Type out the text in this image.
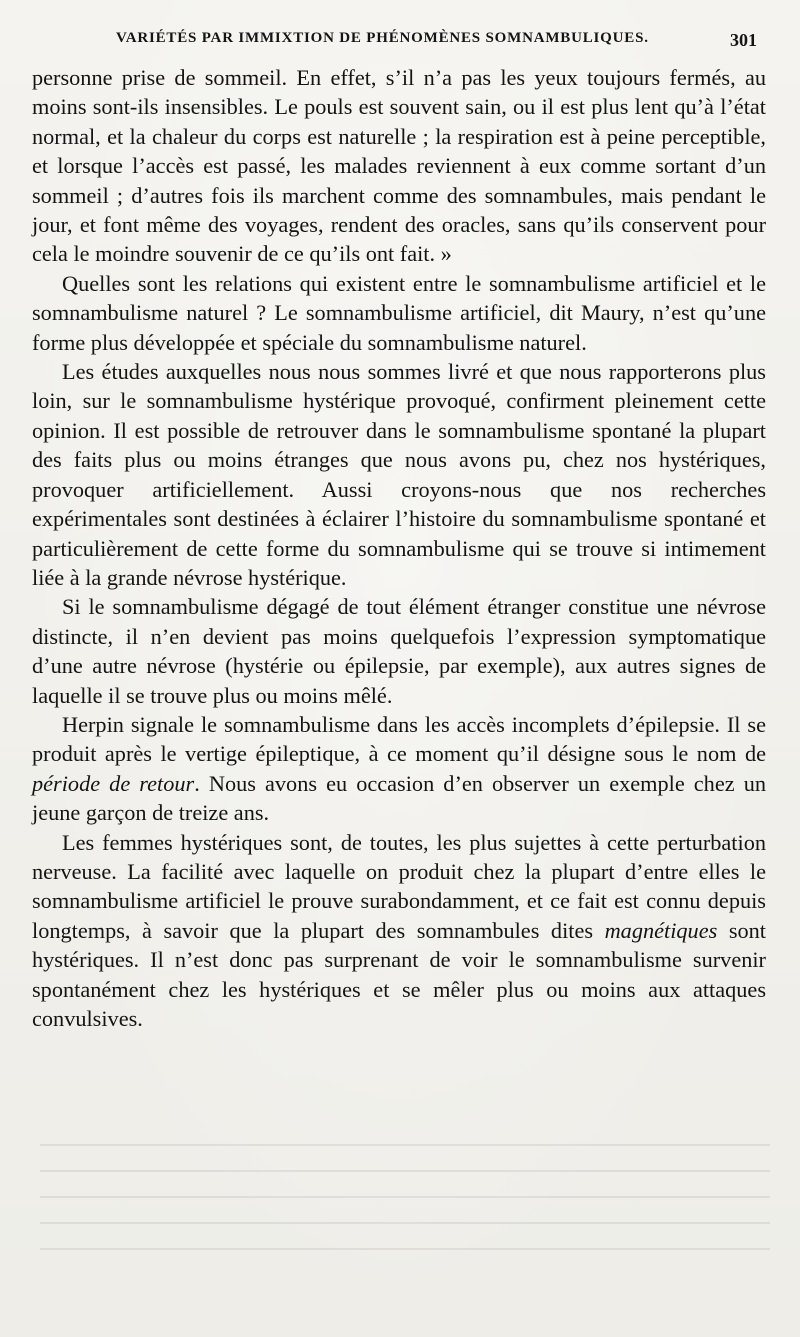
VARIÉTÉS PAR IMMIXTION DE PHÉNOMÈNES SOMNAMBULIQUES.	301

personne prise de sommeil. En effet, s’il n’a pas les yeux toujours fermés, au moins sont-ils insensibles. Le pouls est souvent sain, ou il est plus lent qu’à l’état normal, et la chaleur du corps est naturelle ; la respiration est à peine perceptible, et lorsque l’accès est passé, les malades reviennent à eux comme sortant d’un sommeil ; d’autres fois ils marchent comme des somnambules, mais pendant le jour, et font même des voyages, rendent des oracles, sans qu’ils conservent pour cela le moindre souvenir de ce qu’ils ont fait. »

Quelles sont les relations qui existent entre le somnambulisme artificiel et le somnambulisme naturel ? Le somnambulisme artificiel, dit Maury, n’est qu’une forme plus développée et spéciale du somnambulisme naturel.

Les études auxquelles nous nous sommes livré et que nous rapporterons plus loin, sur le somnambulisme hystérique provoqué, confirment pleinement cette opinion. Il est possible de retrouver dans le somnambulisme spontané la plupart des faits plus ou moins étranges que nous avons pu, chez nos hystériques, provoquer artificiellement. Aussi croyons-nous que nos recherches expérimentales sont destinées à éclairer l’histoire du somnambulisme spontané et particulièrement de cette forme du somnambulisme qui se trouve si intimement liée à la grande névrose hystérique.

Si le somnambulisme dégagé de tout élément étranger constitue une névrose distincte, il n’en devient pas moins quelquefois l’expression symptomatique d’une autre névrose (hystérie ou épilepsie, par exemple), aux autres signes de laquelle il se trouve plus ou moins mêlé.

Herpin signale le somnambulisme dans les accès incomplets d’épilepsie. Il se produit après le vertige épileptique, à ce moment qu’il désigne sous le nom de période de retour. Nous avons eu occasion d’en observer un exemple chez un jeune garçon de treize ans.

Les femmes hystériques sont, de toutes, les plus sujettes à cette perturbation nerveuse. La facilité avec laquelle on produit chez la plupart d’entre elles le somnambulisme artificiel le prouve surabondamment, et ce fait est connu depuis longtemps, à savoir que la plupart des somnambules dites magnétiques sont hystériques. Il n’est donc pas surprenant de voir le somnambulisme survenir spontanément chez les hystériques et se mêler plus ou moins aux attaques convulsives.
